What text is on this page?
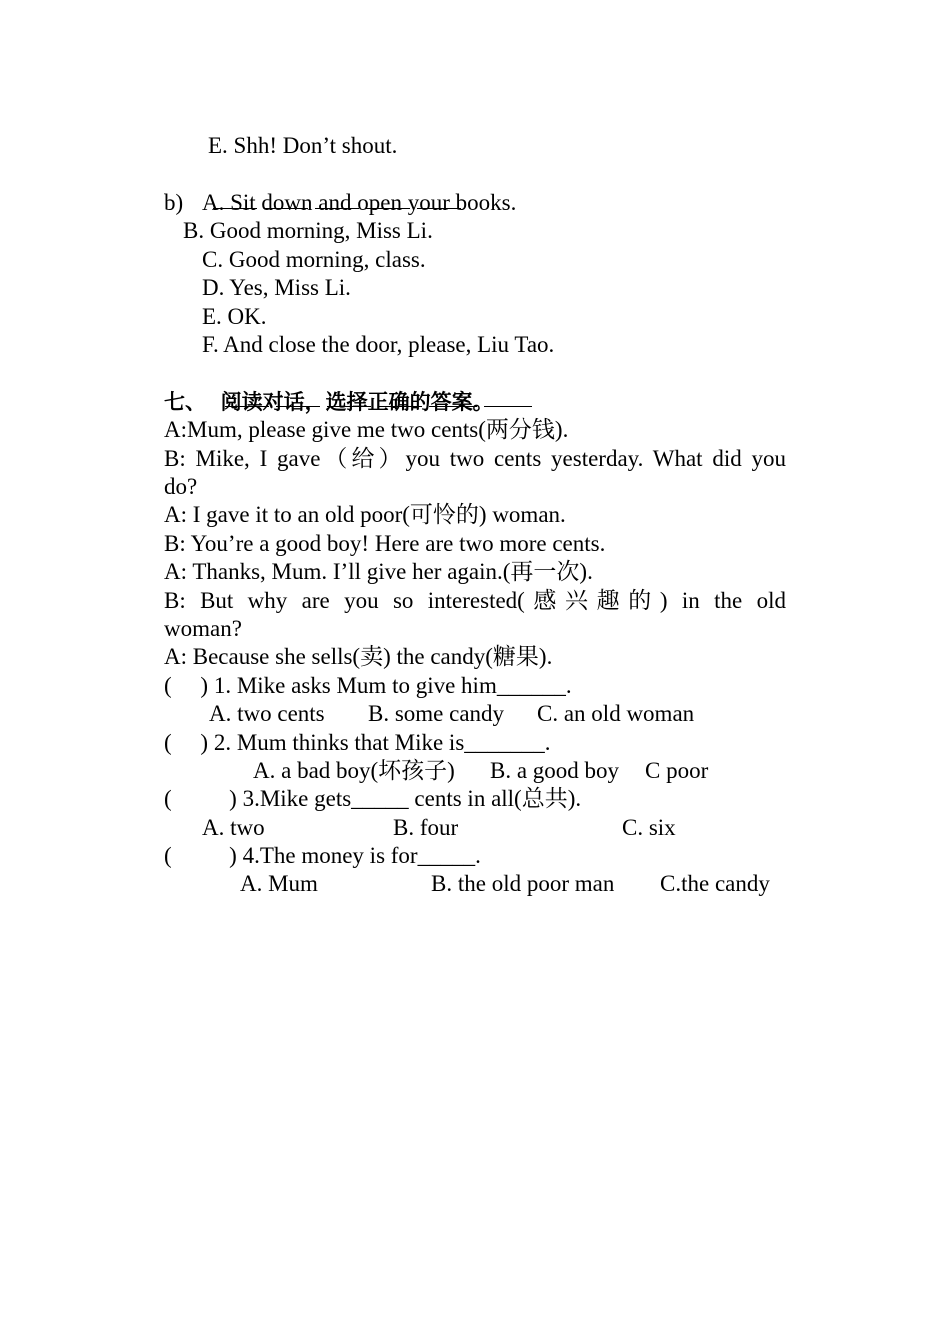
E. Shh! Don’t shout.

b) A. Sit down and open your books.
B. Good morning, Miss Li.
C. Good morning, class.
D. Yes, Miss Li.
E. OK.
F. And close the door, please, Liu Tao.

七、  阅读对话，选择正确的答案。
A:Mum, please give me two cents(两分钱).
B: Mike, I gave（给）you two cents yesterday. What did you
do?
A: I gave it to an old poor(可怜的) woman.
B: You’re a good boy! Here are two more cents.
A: Thanks, Mum. I’ll give her again.(再一次).
B: But why are you so interested(感兴趣的) in the old
woman?
A: Because she sells(卖) the candy(糖果).
(     ) 1. Mike asks Mum to give him______.
A. two cents B. some candy C. an old woman
(     ) 2. Mum thinks that Mike is_______.
A. a bad boy(坏孩子) B. a good boy C poor
(          ) 3.Mike gets_____ cents in all(总共).
A. two	B. four	C. six
(          ) 4.The money is for_____.
A. Mum	B. the old poor man C.the candy
